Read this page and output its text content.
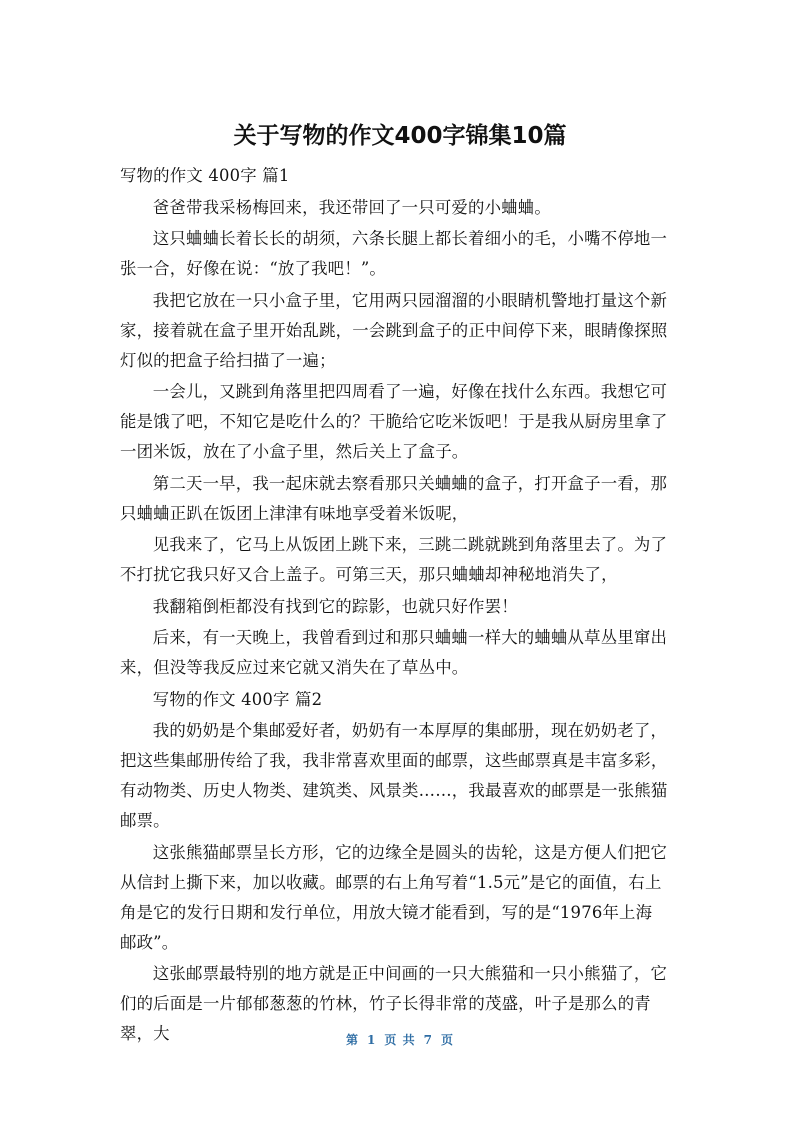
关于写物的作文400字锦集10篇

写物的作文 400字 篇1

爸爸带我采杨梅回来，我还带回了一只可爱的小蛐蛐。

这只蛐蛐长着长长的胡须，六条长腿上都长着细小的毛，小嘴不停地一张一合，好像在说：“放了我吧！”。

我把它放在一只小盒子里，它用两只园溜溜的小眼睛机警地打量这个新家，接着就在盒子里开始乱跳，一会跳到盒子的正中间停下来，眼睛像探照灯似的把盒子给扫描了一遍；

一会儿，又跳到角落里把四周看了一遍，好像在找什么东西。我想它可能是饿了吧，不知它是吃什么的？干脆给它吃米饭吧！于是我从厨房里拿了一团米饭，放在了小盒子里，然后关上了盒子。

第二天一早，我一起床就去察看那只关蛐蛐的盒子，打开盒子一看，那只蛐蛐正趴在饭团上津津有味地享受着米饭呢，

见我来了，它马上从饭团上跳下来，三跳二跳就跳到角落里去了。为了不打扰它我只好又合上盖子。可第三天，那只蛐蛐却神秘地消失了，

我翻箱倒柜都没有找到它的踪影，也就只好作罢！

后来，有一天晚上，我曾看到过和那只蛐蛐一样大的蛐蛐从草丛里窜出来，但没等我反应过来它就又消失在了草丛中。

写物的作文 400字 篇2

我的奶奶是个集邮爱好者，奶奶有一本厚厚的集邮册，现在奶奶老了，把这些集邮册传给了我，我非常喜欢里面的邮票，这些邮票真是丰富多彩，有动物类、历史人物类、建筑类、风景类……，我最喜欢的邮票是一张熊猫邮票。

这张熊猫邮票呈长方形，它的边缘全是圆头的齿轮，这是方便人们把它从信封上撕下来，加以收藏。邮票的右上角写着“1.5元”是它的面值，右上角是它的发行日期和发行单位，用放大镜才能看到，写的是“1976年上海邮政”。

这张邮票最特别的地方就是正中间画的一只大熊猫和一只小熊猫了，它们的后面是一片郁郁葱葱的竹林，竹子长得非常的茂盛，叶子是那么的青翠，大	第 1 页 共 7 页
